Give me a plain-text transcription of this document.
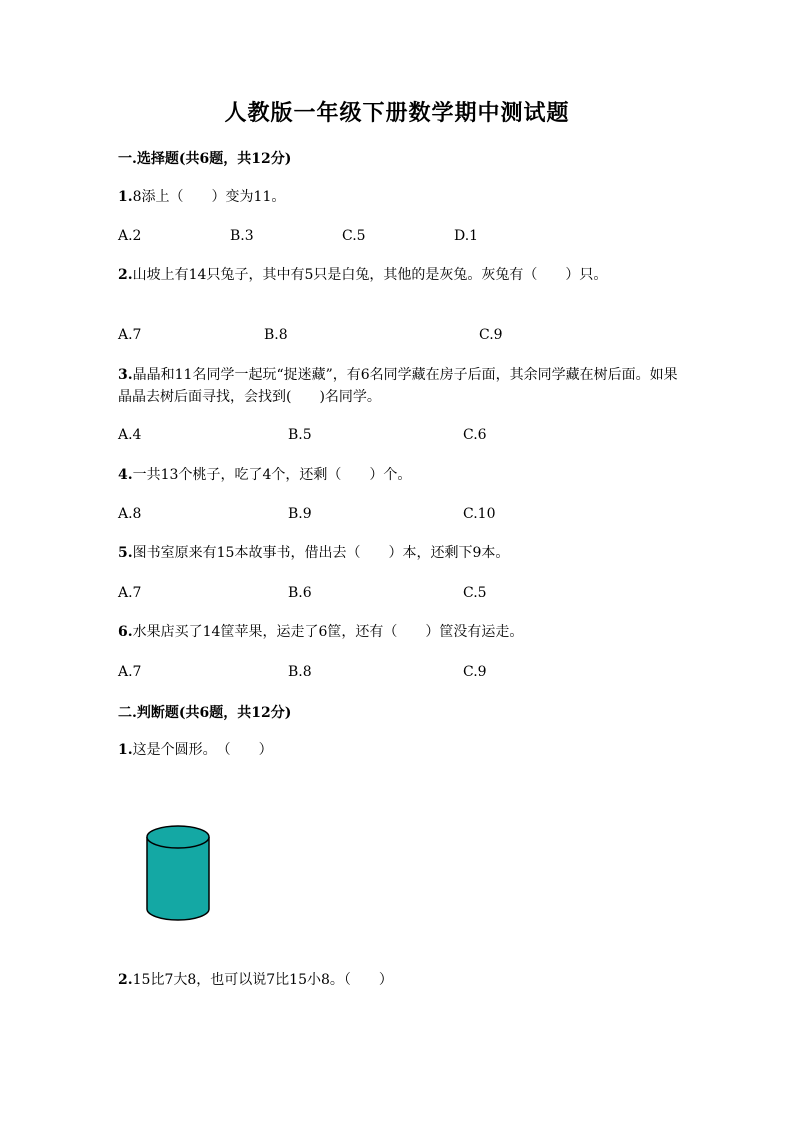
人教版一年级下册数学期中测试题
一.选择题(共6题，共12分)
1.8添上（　　）变为11。
A.2	B.3	C.5	D.1
2.山坡上有14只兔子，其中有5只是白兔，其他的是灰兔。灰兔有（　　）只。
A.7	B.8	C.9
3.晶晶和11名同学一起玩“捉迷藏”，有6名同学藏在房子后面，其余同学藏在树后面。如果晶晶去树后面寻找，会找到(　　)名同学。
A.4	B.5	C.6
4.一共13个桃子，吃了4个，还剩（　　）个。
A.8	B.9	C.10
5.图书室原来有15本故事书，借出去（　　）本，还剩下9本。
A.7	B.6	C.5
6.水果店买了14筐苹果，运走了6筐，还有（　　）筐没有运走。
A.7	B.8	C.9
二.判断题(共6题，共12分)
1.这是个圆形。　（　　）
2.15比7大8，也可以说7比15小8。（　　）
